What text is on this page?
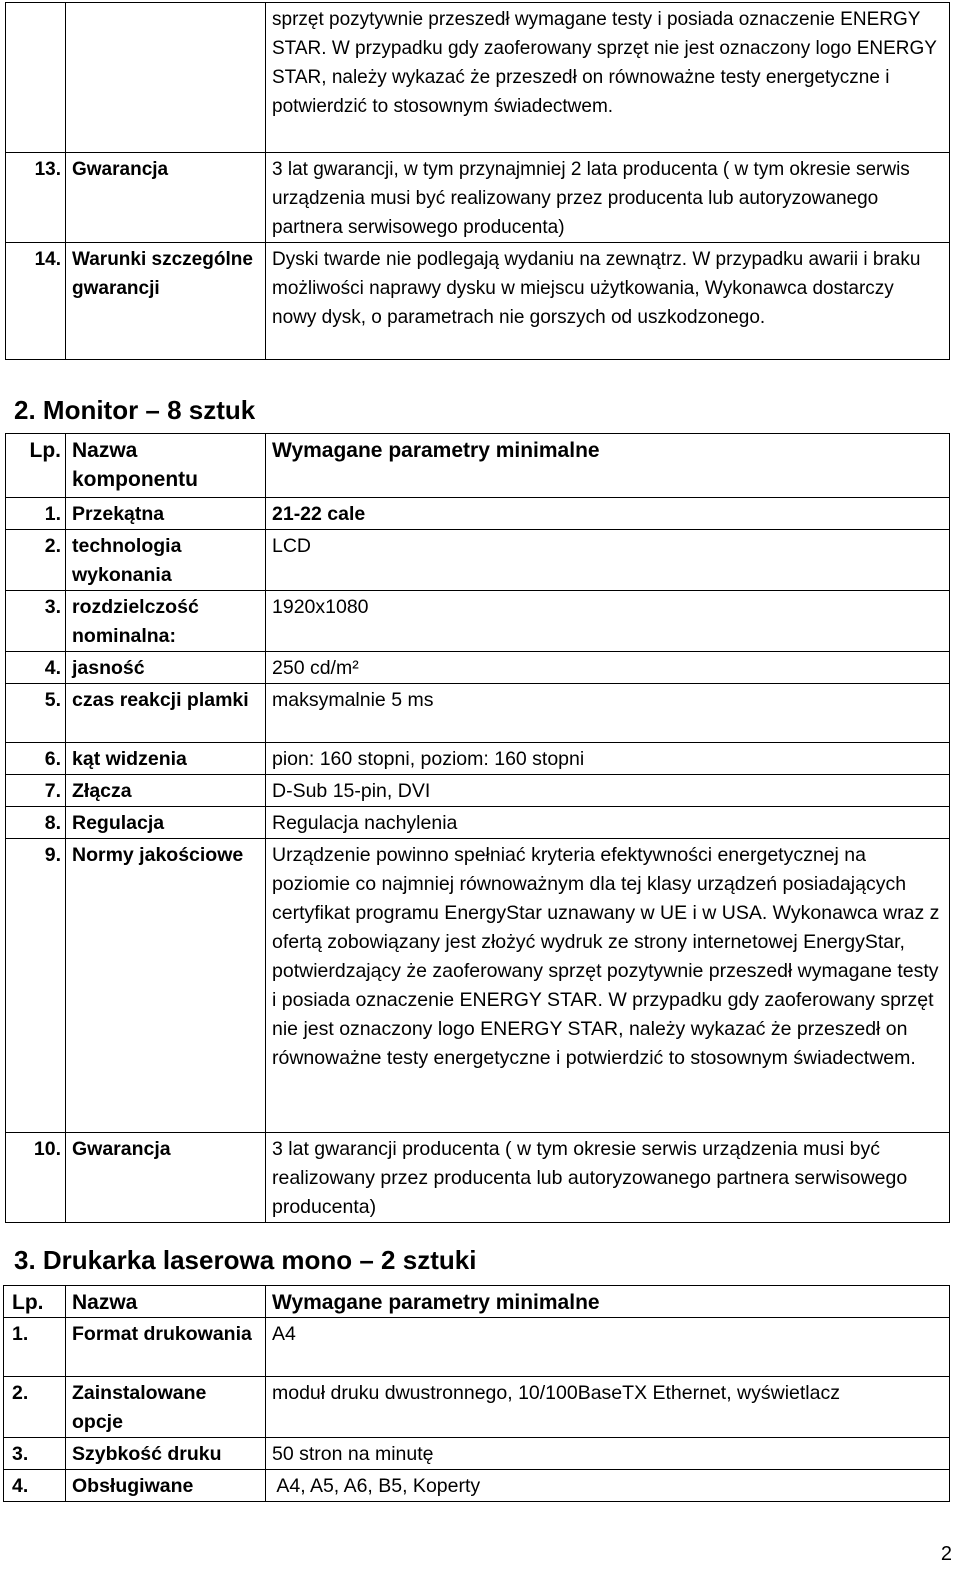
		sprzęt pozytywnie przeszedł wymagane testy i posiada oznaczenie ENERGY STAR. W przypadku gdy zaoferowany sprzęt nie jest oznaczony logo ENERGY STAR, należy wykazać że przeszedł on równoważne testy energetyczne i potwierdzić to stosownym świadectwem.
13.	Gwarancja	3 lat gwarancji, w tym przynajmniej 2 lata producenta ( w tym okresie serwis urządzenia musi być realizowany przez producenta lub autoryzowanego partnera serwisowego producenta)
14.	Warunki szczególne gwarancji	Dyski twarde nie podlegają wydaniu na zewnątrz. W przypadku awarii i braku możliwości naprawy dysku w miejscu użytkowania, Wykonawca dostarczy nowy dysk, o parametrach nie gorszych od uszkodzonego.
2. Monitor – 8 sztuk
Lp.	Nazwa komponentu	Wymagane parametry minimalne
1.	Przekątna	21-22 cale
2.	technologia wykonania	LCD
3.	rozdzielczość nominalna:	1920x1080
4.	jasność	250 cd/m²
5.	czas reakcji plamki	maksymalnie 5 ms
6.	kąt widzenia	pion: 160 stopni, poziom: 160 stopni
7.	Złącza	D-Sub 15-pin, DVI
8.	Regulacja	Regulacja nachylenia
9.	Normy jakościowe	Urządzenie powinno spełniać kryteria efektywności energetycznej na poziomie co najmniej równoważnym dla tej klasy urządzeń posiadających certyfikat programu EnergyStar uznawany w UE i w USA. Wykonawca wraz z ofertą zobowiązany jest złożyć wydruk ze strony internetowej EnergyStar, potwierdzający że zaoferowany sprzęt pozytywnie przeszedł wymagane testy i posiada oznaczenie ENERGY STAR. W przypadku gdy zaoferowany sprzęt nie jest oznaczony logo ENERGY STAR, należy wykazać że przeszedł on równoważne testy energetyczne i potwierdzić to stosownym świadectwem.
10.	Gwarancja	3 lat gwarancji producenta ( w tym okresie serwis urządzenia musi być realizowany przez producenta lub autoryzowanego partnera serwisowego producenta)
3. Drukarka laserowa mono – 2 sztuki
Lp.	Nazwa	Wymagane parametry minimalne
1.	Format drukowania	A4
2.	Zainstalowane opcje	moduł druku dwustronnego, 10/100BaseTX Ethernet, wyświetlacz
3.	Szybkość druku	50 stron na minutę
4.	Obsługiwane	A4, A5, A6, B5, Koperty
2
